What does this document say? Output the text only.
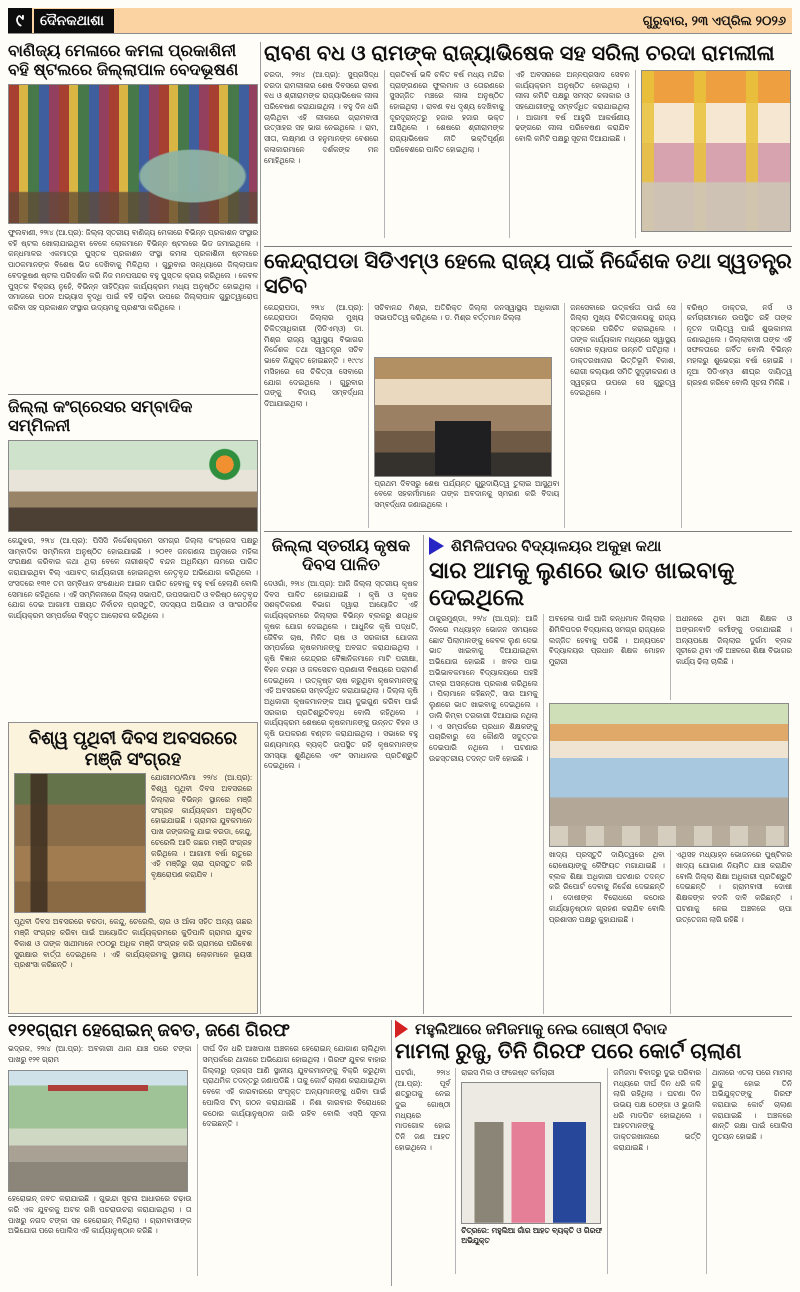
୯	ଦୈନକଥାଶା	ଗୁରୁବାର, ୨୩ ଏପ୍ରିଲ ୨୦୨୬
ବାଣିଜ୍ୟ ମେଳାରେ କମଳା ପ୍ରକାଶିନୀ ବହି ଷ୍ଟଲରେ ଜିଲ୍ଲାପାଳ ବେଦଭୂଷଣ
ଫୁଲବାଣୀ, ୨୨ା୪ (ଆ.ପ୍ର): ଜିଲ୍ଲା ସ୍ତରୀୟ ବାଣିଜ୍ୟ ମେଳାରେ ବିଭିନ୍ନ ପ୍ରକାଶନ ସଂସ୍ଥାର ବହି ଷ୍ଟଲ ଖୋଲାଯାଇଥିବା ବେଳେ ଲୋକମାନେ ବିଭିନ୍ନ ଷ୍ଟଲରେ ଭିଡ ଜମାଇଥିଲେ । କନ୍ଧମାଳର ଏକମାତ୍ର ପୁସ୍ତକ ପ୍ରକାଶନ ସଂସ୍ଥା କମଳା ପ୍ରକାଶିନୀ ଷ୍ଟଲରେ ପାଠକମାନଙ୍କ ବିଶେଷ ଭିଡ ଦେଖିବାକୁ ମିଳିଥିଲା । ଗୁରୁବାର ସନ୍ଧ୍ୟାରେ ଜିଲ୍ଲାପାଳ ବେଦଭୂଷଣ ଷ୍ଟଲ ପରିଦର୍ଶନ କରି ନିଜ ମନପସନ୍ଦର ବହୁ ପୁସ୍ତକ କ୍ରୟ କରିଥିଲେ । କେବଳ ପୁସ୍ତକ ବିକ୍ରୟ ନୁହେଁ, ବିଭିନ୍ନ ସାହିତ୍ୟିକ କାର୍ଯ୍ୟକ୍ରମ ମଧ୍ୟ ଅନୁଷ୍ଠିତ ହୋଇଥିଲା । ସମାଜରେ ପଠନ ଅଭ୍ୟାସ ବୃଦ୍ଧି ପାଇଁ ବହି ପଢ଼ିବା ଉପରେ ଜିଲ୍ଲାପାଳ ଗୁରୁତ୍ୱାରୋପ କରିବା ସହ ପ୍ରକାଶନ ସଂସ୍ଥାର ଉଦ୍ୟମକୁ ପ୍ରଶଂସା କରିଥିଲେ ।
ଜିଲ୍ଲା କଂଗ୍ରେସର ସମ୍ବାଦିକ ସମ୍ମିଳନୀ
କେନ୍ଦୁଝର, ୨୨ା୪ (ଆ.ପ୍ର): ପିସିସି ନିର୍ଦ୍ଦେଶକ୍ରମେ ସମଗ୍ର ଜିଲ୍ଲା କଂଗ୍ରେସ ପକ୍ଷରୁ ସାମ୍ବାଦିକ ସମ୍ମିଳନୀ ଅନୁଷ୍ଠିତ ହୋଇଯାଇଛି । ୨୦୧୧ ଜନଗଣନା ଅନୁସାରେ ମହିଳା ସଂରକ୍ଷଣ କରିବାର କଥା ଥିଲା ବେଳେ ନାରୀଶକ୍ତି ବନ୍ଦନ ଅଧିନିୟମ ନାମରେ ପାରିତ କରାଯାଇଥିବା ବିଲ୍ ଏଯାବତ୍ କାର୍ଯ୍ୟକାରୀ ହୋଇନଥିବା ନେତୃବୃନ୍ଦ ଅଭିଯୋଗ କରିଥିଲେ । ସଂସଦରେ ୧୩୧ ତମ ସମ୍ବିଧାନ ସଂଶୋଧନ ଆଇନ ପାରିତ ହେବାକୁ ବହୁ ବର୍ଷ ହେଲାଣି ବୋଲି ସେମାନେ କହିଥିଲେ । ଏହି ସମ୍ମିଳନୀରେ ଜିଲ୍ଲା ସଭାପତି, ଉପସଭାପତି ଓ ବରିଷ୍ଠ ନେତୃବୃନ୍ଦ ଯୋଗ ଦେଇ ଆଗାମୀ ପଞ୍ଚାୟତ ନିର୍ବାଚନ ପ୍ରସ୍ତୁତି, ସଦସ୍ୟତା ଅଭିଯାନ ଓ ସାଂଗଠନିକ କାର୍ଯ୍ୟକ୍ରମ ସମ୍ପର୍କରେ ବିସ୍ତୃତ ଆଲୋଚନା କରିଥିଲେ ।
ବିଶ୍ୱ ପୃଥିବୀ ଦିବସ ଅବସରରେ ମଞ୍ଜି ସଂଗ୍ରହ
ଯୋଗୀମଠ/ଲିମା ୨୨/୪ (ଆ.ପ୍ର): ବିଶ୍ୱ ପୃଥିବୀ ଦିବସ ଅବସରରେ ଜିଲ୍ଲାର ବିଭିନ୍ନ ସ୍ଥାନରେ ମଞ୍ଜି ସଂଗ୍ରହ କାର୍ଯ୍ୟକ୍ରମ ଅନୁଷ୍ଠିତ ହୋଇଯାଇଛି । ଗ୍ରାମର ଯୁବକମାନେ ପାଖ ଜଙ୍ଗଲକୁ ଯାଇ ବରଡା, କେନ୍ଦୁ, ଚେରେଲି ଆଦି ଗଛର ମଞ୍ଜି ସଂଗ୍ରହ କରିଥିଲେ । ଆଗାମୀ ବର୍ଷା ଋତୁରେ ଏହି ମଞ୍ଜିରୁ ଚାରା ପ୍ରସ୍ତୁତ କରି ବୃକ୍ଷରୋପଣ କରାଯିବ ।
ପୃଥିବୀ ଦିବସ ଅବସରରେ ବରଡା, କେନ୍ଦୁ, ଚେରେଲି, ଚାର ଓ ଆଁଳା ସହିତ ଅନ୍ୟ ଗଛର ମଞ୍ଜି ସଂଗ୍ରହ କରିବା ପାଇଁ ଆୟୋଜିତ କାର୍ଯ୍ୟକ୍ରମରେ କୁଡିପାଳି ଗ୍ରାମର ଯୁବକ ବିକାଶ ଓ ତାଙ୍କ ସାଥୀମାନେ ୯୦୦ରୁ ଅଧିକ ମଞ୍ଜି ସଂଗ୍ରହ କରି ଗ୍ରାମରେ ପରିବେଶ ସୁରକ୍ଷାର ବାର୍ତ୍ତା ଦେଇଥିଲେ । ଏହି କାର୍ଯ୍ୟକ୍ରମକୁ ସ୍ଥାନୀୟ ଲୋକମାନେ ଭୂୟସୀ ପ୍ରଶଂସା କରିଛନ୍ତି ।
ରାବଣ ବଧ ଓ ରାମଙ୍କ ରାଜ୍ୟାଭିଷେକ ସହ ସରିଲା ଚରଦା ରାମଲୀଳା
ଚରଦା, ୨୨ା୪ (ଆ.ପ୍ର): ସୁପ୍ରସିଦ୍ଧ ଚରଦା ରାମଲୀଳାର ଶେଷ ଦିବସରେ ରାବଣ ବଧ ଓ ଶ୍ରୀରାମଙ୍କ ରାଜ୍ୟାଭିଷେକ ଲୀଳା ପରିବେଷଣ କରାଯାଇଥିଲା । ବହୁ ଦିନ ଧରି ଚାଲିଥିବା ଏହି ଲୀଳାରେ ଗ୍ରାମବାସୀ ଉତ୍ସାହର ସହ ଭାଗ ନେଇଥିଲେ । ରାମ, ସୀତା, ଲକ୍ଷ୍ମଣ ଓ ହନୁମାନଙ୍କ ବେଶରେ କଳାକାରମାନେ ଦର୍ଶକଙ୍କ ମନ ମୋହିଥିଲେ ।
ପ୍ରତିବର୍ଷ ଭଳି ଚଳିତ ବର୍ଷ ମଧ୍ୟ ମନ୍ଦିର ପ୍ରାଙ୍ଗଣରେ ଫୁଲମାଳ ଓ ତୋରଣରେ ସୁସଜ୍ଜିତ ମଞ୍ଚରେ ଲୀଳା ଅନୁଷ୍ଠିତ ହୋଇଥିଲା । ରାବଣ ବଧ ଦୃଶ୍ୟ ଦେଖିବାକୁ ଦୂରଦୂରାନ୍ତରୁ ହଜାର ହଜାର ଭକ୍ତ ଆସିଥିଲେ । ଶେଷରେ ଶ୍ରୀରାମଙ୍କ ରାଜ୍ୟାଭିଷେକ ନୀତି ଭକ୍ତିପୂର୍ଣ୍ଣ ପରିବେଶରେ ପାଳିତ ହୋଇଥିଲା ।
ଏହି ଅବସରରେ ଅନ୍ନପ୍ରସାଦ ସେବନ କାର୍ଯ୍ୟକ୍ରମ ଅନୁଷ୍ଠିତ ହୋଇଥିଲା । ଲୀଳା କମିଟି ପକ୍ଷରୁ ସମସ୍ତ କଳାକାର ଓ ସହଯୋଗୀଙ୍କୁ ସମ୍ବର୍ଦ୍ଧିତ କରାଯାଇଥିଲା । ଆଗାମୀ ବର୍ଷ ଆହୁରି ଆକର୍ଷଣୀୟ ଢଙ୍ଗରେ ଲୀଳା ପରିବେଷଣ କରାଯିବ ବୋଲି କମିଟି ପକ୍ଷରୁ ସୂଚନା ଦିଆଯାଇଛି ।
କେନ୍ଦ୍ରାପଡା ସିଡିଏମ୍ଓ ହେଲେ ରାଜ୍ୟ ପାଇଁ ନିର୍ଦ୍ଦେଶକ ତଥା ସ୍ୱତନ୍ତ୍ର ସଚିବ
କେନ୍ଦ୍ରାପଡା, ୨୨ା୪ (ଆ.ପ୍ର): କେନ୍ଦ୍ରାପଡା ଜିଲ୍ଲାର ମୁଖ୍ୟ ଚିକିତ୍ସାଧିକାରୀ (ସିଡିଏମ୍ଓ) ଡା. ମିଶ୍ର ରାଜ୍ୟ ସ୍ୱାସ୍ଥ୍ୟ ବିଭାଗର ନିର୍ଦ୍ଦେଶକ ତଥା ସ୍ୱତନ୍ତ୍ର ସଚିବ ଭାବେ ନିଯୁକ୍ତ ହୋଇଛନ୍ତି । ୧୯୯୪ ମସିହାରେ ସେ ଚିକିତ୍ସା ସେବାରେ ଯୋଗ ଦେଇଥିଲେ । ଗୁରୁବାର ତାଙ୍କୁ ବିଦାୟ ସମ୍ବର୍ଦ୍ଧନା ଦିଆଯାଇଥିଲା ।
ସଚିବାନନ୍ଦ ମିଶ୍ର, ଅତିରିକ୍ତ ଜିଲ୍ଲା ଜନସ୍ୱାସ୍ଥ୍ୟ ଅଧିକାରୀ ସଭାପତିତ୍ୱ କରିଥିଲେ । ଡ. ମିଶ୍ର ବର୍ତ୍ତମାନ ଜିଲ୍ଲା
ପ୍ରଥମ ଦିବସରୁ ଶେଷ ପର୍ଯ୍ୟନ୍ତ ଗୁରୁଦାୟିତ୍ୱ ତୁଲାଇ ଆସୁଥିବା ବେଳେ ସହକର୍ମୀମାନେ ତାଙ୍କ ଅବଦାନକୁ ସ୍ମରଣ କରି ବିଦାୟ ସମ୍ବର୍ଦ୍ଧନା ଜଣାଇଥିଲେ ।
ଜନସେବାରେ ଉତ୍କର୍ଷତା ପାଇଁ ସେ ଜିଲ୍ଲା ମୁଖ୍ୟ ଚିକିତ୍ସାଳୟକୁ ରାଜ୍ୟ ସ୍ତରରେ ପରିଚିତ କରାଇଥିଲେ । ତାଙ୍କ କାର୍ଯ୍ୟକାଳ ମଧ୍ୟରେ ସ୍ୱାସ୍ଥ୍ୟ ସେବାର ବ୍ୟାପକ ଉନ୍ନତି ଘଟିଥିଲା । ଡାକ୍ତରଖାନାର ଭିତ୍ତିଭୂମି ବିକାଶ, ରୋଗୀ କଲ୍ୟାଣ ସମିତି ସୁଦୃଢ଼ୀକରଣ ଓ ସ୍ୱଚ୍ଛତା ଉପରେ ସେ ଗୁରୁତ୍ୱ ଦେଇଥିଲେ ।
ବରିଷ୍ଠ ଡାକ୍ତର, ନର୍ସ ଓ କର୍ମଚାରୀମାନେ ଉପସ୍ଥିତ ରହି ତାଙ୍କ ନୂତନ ଦାୟିତ୍ୱ ପାଇଁ ଶୁଭକାମନା ଜଣାଇଥିଲେ । ଜିଲ୍ଲାବାସୀ ତାଙ୍କ ଏହି ସଫଳତାରେ ଗର୍ବିତ ବୋଲି ବିଭିନ୍ନ ମହଲରୁ ଶୁଭେଚ୍ଛା ବର୍ଷା ହୋଇଛି । ନୂଆ ସିଡିଏମ୍ଓ ଶୀଘ୍ର ଦାୟିତ୍ୱ ଗ୍ରହଣ କରିବେ ବୋଲି ସୂଚନା ମିଳିଛି ।
ଜିଲ୍ଲା ସ୍ତରୀୟ କୃଷକ ଦିବସ ପାଳିତ
ଦେଓଗାଁ, ୨୨ା୪ (ଆ.ପ୍ର): ଆଜି ଜିଲ୍ଲା ସ୍ତରୀୟ କୃଷକ ଦିବସ ପାଳିତ ହୋଇଯାଇଛି । କୃଷି ଓ କୃଷକ ସଶକ୍ତିକରଣ ବିଭାଗ ଦ୍ୱାରା ଆୟୋଜିତ ଏହି କାର୍ଯ୍ୟକ୍ରମରେ ଜିଲ୍ଲାର ବିଭିନ୍ନ ବ୍ଲକରୁ ଶତାଧିକ କୃଷକ ଯୋଗ ଦେଇଥିଲେ । ଆଧୁନିକ କୃଷି ପଦ୍ଧତି, ଜୈବିକ ଚାଷ, ମିଳିତ ଚାଷ ଓ ସରକାରୀ ଯୋଜନା ସମ୍ପର୍କରେ କୃଷକମାନଙ୍କୁ ଅବଗତ କରାଯାଇଥିଲା । କୃଷି ବିଜ୍ଞାନ କେନ୍ଦ୍ରର ବୈଜ୍ଞାନିକମାନେ ମାଟି ପରୀକ୍ଷା, ବିହନ ଚୟନ ଓ ଜଳସେଚନ ପ୍ରଣାଳୀ ବିଷୟରେ ପରାମର୍ଶ ଦେଇଥିଲେ । ଉତ୍କୃଷ୍ଟ ଚାଷ କରୁଥିବା କୃଷକମାନଙ୍କୁ ଏହି ଅବସରରେ ସମ୍ବର୍ଦ୍ଧିତ କରାଯାଇଥିଲା । ଜିଲ୍ଲା କୃଷି ଅଧିକାରୀ କୃଷକମାନଙ୍କ ଆୟ ଦୁଇଗୁଣ କରିବା ପାଇଁ ସରକାର ପ୍ରତିଶ୍ରୁତିବଦ୍ଧ ବୋଲି କହିଥିଲେ । କାର୍ଯ୍ୟକ୍ରମ ଶେଷରେ କୃଷକମାନଙ୍କୁ ଉନ୍ନତ ବିହନ ଓ କୃଷି ଉପକରଣ ବଣ୍ଟନ କରାଯାଇଥିଲା । ସଭାରେ ବହୁ ଗଣ୍ୟମାନ୍ୟ ବ୍ୟକ୍ତି ଉପସ୍ଥିତ ରହି କୃଷକମାନଙ୍କ ସମସ୍ୟା ଶୁଣିଥିଲେ ଏବଂ ସମାଧାନର ପ୍ରତିଶ୍ରୁତି ଦେଇଥିଲେ ।
ଶିମିଳିପଦର ବିଦ୍ୟାଳୟର ଅକୁହା କଥା
ସାର ଆମକୁ ଲୁଣରେ ଭାତ ଖାଇବାକୁ ଦେଇଥିଲେ
ଠାକୁରମୁଣ୍ଡା, ୨୨/୪ (ଆ.ପ୍ର): ଆଜି ଦିନରେ ମଧ୍ୟାହ୍ନ ଭୋଜନ ସମୟରେ ଛୋଟ ପିଲାମାନଙ୍କୁ କେବଳ ଲୁଣ ଦେଇ ଭାତ ଖାଇବାକୁ ଦିଆଯାଇଥିବା ଅଭିଯୋଗ ହୋଇଛି । ଖବର ପାଇ ଅଭିଭାବକମାନେ ବିଦ୍ୟାଳୟରେ ପହଞ୍ଚି ତୀବ୍ର ଅସନ୍ତୋଷ ପ୍ରକାଶ କରିଥିଲେ । ପିଲାମାନେ କହିଛନ୍ତି, ସାର ଆମକୁ ଲୁଣରେ ଭାତ ଖାଇବାକୁ ଦେଇଥିଲେ । ଡାଲି କିମ୍ବା ତରକାରୀ ଦିଆଯାଇ ନଥିଲା । ଏ ସମ୍ପର୍କରେ ପ୍ରଧାନ ଶିକ୍ଷକଙ୍କୁ ପଚାରିବାରୁ ସେ କୌଣସି ସଦୁତ୍ତର ଦେଇପାରି ନଥିଲେ । ଘଟଣାର ଉଚ୍ଚସ୍ତରୀୟ ତଦନ୍ତ ଦାବି ହୋଇଛି ।
ଅବହେଳା ପାଇଁ ଆଜି କନ୍ଧମାଳ ଜିଲ୍ଲାର ଶିମିଳିପଦର ବିଦ୍ୟାଳୟ ସମଗ୍ର ରାଜ୍ୟରେ ଲଜ୍ଜିତ ହେବାକୁ ପଡିଛି । ଅନ୍ୟପଟେ ବିଦ୍ୟାଳୟର ପ୍ରଧାନ ଶିକ୍ଷକ ମୋହନ ମୁରାରୀ
ଅଧୀନରେ ଥିବା ସାଥୀ ଶିକ୍ଷକ ଓ ଅଙ୍ଗନବାଡି କର୍ମୀଙ୍କୁ ଡକାଯାଇଛି । ଅନ୍ୟପକ୍ଷେ ଜିଲ୍ଲାର ଦୁର୍ଗମ ବ୍ଲକ ସୂଚୀରେ ଥିବା ଏହି ଅଞ୍ଚଳରେ ଶିକ୍ଷା ବିଭାଗର କାର୍ଯ୍ୟ ଢିଲା ଚାଲିଛି ।
ଖାଦ୍ୟ ପ୍ରସ୍ତୁତି ଦାୟିତ୍ୱରେ ଥିବା ରୋଷେୟାଙ୍କୁ କୈଫିୟତ ମଗାଯାଇଛି । ବ୍ଲକ ଶିକ୍ଷା ଅଧିକାରୀ ଘଟଣାର ତଦନ୍ତ କରି ରିପୋର୍ଟ ଦେବାକୁ ନିର୍ଦ୍ଦେଶ ଦେଇଛନ୍ତି । ଦୋଷୀଙ୍କ ବିରୋଧରେ କଠୋର କାର୍ଯ୍ୟାନୁଷ୍ଠାନ ଗ୍ରହଣ କରାଯିବ ବୋଲି ପ୍ରଶାସନ ପକ୍ଷରୁ କୁହାଯାଇଛି ।
ଏଥିସହ ମଧ୍ୟାହ୍ନ ଭୋଜନରେ ପୁଷ୍ଟିକର ଖାଦ୍ୟ ଯୋଗାଣ ନିୟମିତ ଯାଞ୍ଚ କରାଯିବ ବୋଲି ଜିଲ୍ଲା ଶିକ୍ଷା ଅଧିକାରୀ ପ୍ରତିଶ୍ରୁତି ଦେଇଛନ୍ତି । ଗ୍ରାମବାସୀ ଦୋଷୀ ଶିକ୍ଷକଙ୍କ ବଦଳି ଦାବି କରିଛନ୍ତି । ଘଟଣାକୁ ନେଇ ଅଞ୍ଚଳରେ ଚାପା ଉତ୍ତେଜନା ଲାଗି ରହିଛି ।
୧୨୧ଗ୍ରାମ ହେରୋଇନ୍ ଜବତ, ଜଣେ ଗିରଫ
ଭଦ୍ରକ, ୨୨ା୪ (ଆ.ପ୍ର): ଅବକାରୀ ଥାନା ଯାଞ୍ଚ ପରେ ଟଙ୍କା ପାଖରୁ ୧୨୧ ଗ୍ରାମ
ହେରୋଇନ୍ ଜବତ କରାଯାଇଛି । ଗୁଇନ୍ଦା ସୂଚନା ଆଧାରରେ ଚଢ଼ାଉ କରି ଏକ ଯୁବକକୁ ଅଟକ ରଖି ପଚରାଉଚରା କରାଯାଇଥିଲା । ତା ପାଖରୁ ନଗଦ ଟଙ୍କା ସହ ହେରୋଇନ୍ ମିଳିଥିଲା । ଗ୍ରାମବାସୀଙ୍କ ଅଭିଯୋଗ ପରେ ପୋଲିସ ଏହି କାର୍ଯ୍ୟାନୁଷ୍ଠାନ କରିଛି ।
ଦୀର୍ଘ ଦିନ ଧରି ଆଖପାଖ ଅଞ୍ଚଳରେ ହେରୋଇନ୍ ଯୋଗାଣ ଚାଲିଥିବା ସମ୍ପର୍କରେ ଥାନାରେ ଅଭିଯୋଗ ହୋଇଥିଲା । ଗିରଫ ଯୁବକ ବାହାର ଜିଲ୍ଲାରୁ ଡ୍ରଗ୍ସ ଆଣି ସ୍ଥାନୀୟ ଯୁବକମାନଙ୍କୁ ବିକ୍ରି କରୁଥିବା ପ୍ରାଥମିକ ତଦନ୍ତରୁ ଜଣାପଡିଛି । ତାକୁ କୋର୍ଟ ଚାଲାଣ କରାଯାଇଥିବା ବେଳେ ଏହି କାରବାରରେ ସଂପୃକ୍ତ ଅନ୍ୟମାନଙ୍କୁ ଧରିବା ପାଇଁ ପୋଲିସ ଟିମ୍ ଗଠନ କରାଯାଇଛି । ନିଶା କାରବାର ବିରୋଧରେ କଠୋର କାର୍ଯ୍ୟାନୁଷ୍ଠାନ ଜାରି ରହିବ ବୋଲି ଏସ୍‌ପି ସୂଚନା ଦେଇଛନ୍ତି ।
ମହୁଲିଆରେ ଜମିଜମାକୁ ନେଇ ଗୋଷ୍ଠୀ ବିବାଦ
ମାମଲା ରୁଜୁ, ତିନି ଗିରଫ ପରେ କୋର୍ଟ ଚାଲାଣ
ଘଟଗାଁ, ୨୨ା୪ (ଆ.ପ୍ର): ପୂର୍ବ ଶତ୍ରୁତାକୁ ନେଇ ଦୁଇ ଗୋଷ୍ଠୀ ମଧ୍ୟରେ ମାଡଗୋଳ ହୋଇ ତିନି ଜଣ ଆହତ ହୋଇଥିଲେ ।
ରାଇସ ମିଲ ଓ ଫରେଷ୍ଟ କର୍ମଚାରୀ
ଚିତ୍ରରେ: ମହୁଲିଆ ଗାଁର ଆହତ ବ୍ୟକ୍ତି ଓ ଗିରଫ ଅଭିଯୁକ୍ତ
ଜମିଜମା ବିବାଦରୁ ଦୁଇ ପରିବାର ମଧ୍ୟରେ ଦୀର୍ଘ ଦିନ ଧରି କଳି ଲାଗି ରହିଥିଲା । ଘଟଣା ଦିନ ଉଭୟ ପକ୍ଷ ଠେଙ୍ଗା ଓ ଭୁଜାଲି ଧରି ମାଡପିଟ ହୋଇଥିଲେ । ଆହତମାନଙ୍କୁ ଡାକ୍ତରଖାନାରେ ଭର୍ତ୍ତି କରାଯାଇଛି ।
ଥାନାରେ ଏତଲା ପରେ ମାମଲା ରୁଜୁ ହୋଇ ତିନି ଅଭିଯୁକ୍ତଙ୍କୁ ଗିରଫ କରାଯାଇ କୋର୍ଟ ଚାଲାଣ କରାଯାଇଛି । ଅଞ୍ଚଳରେ ଶାନ୍ତି ରକ୍ଷା ପାଇଁ ପୋଲିସ ମୁତୟନ ହୋଇଛି ।
